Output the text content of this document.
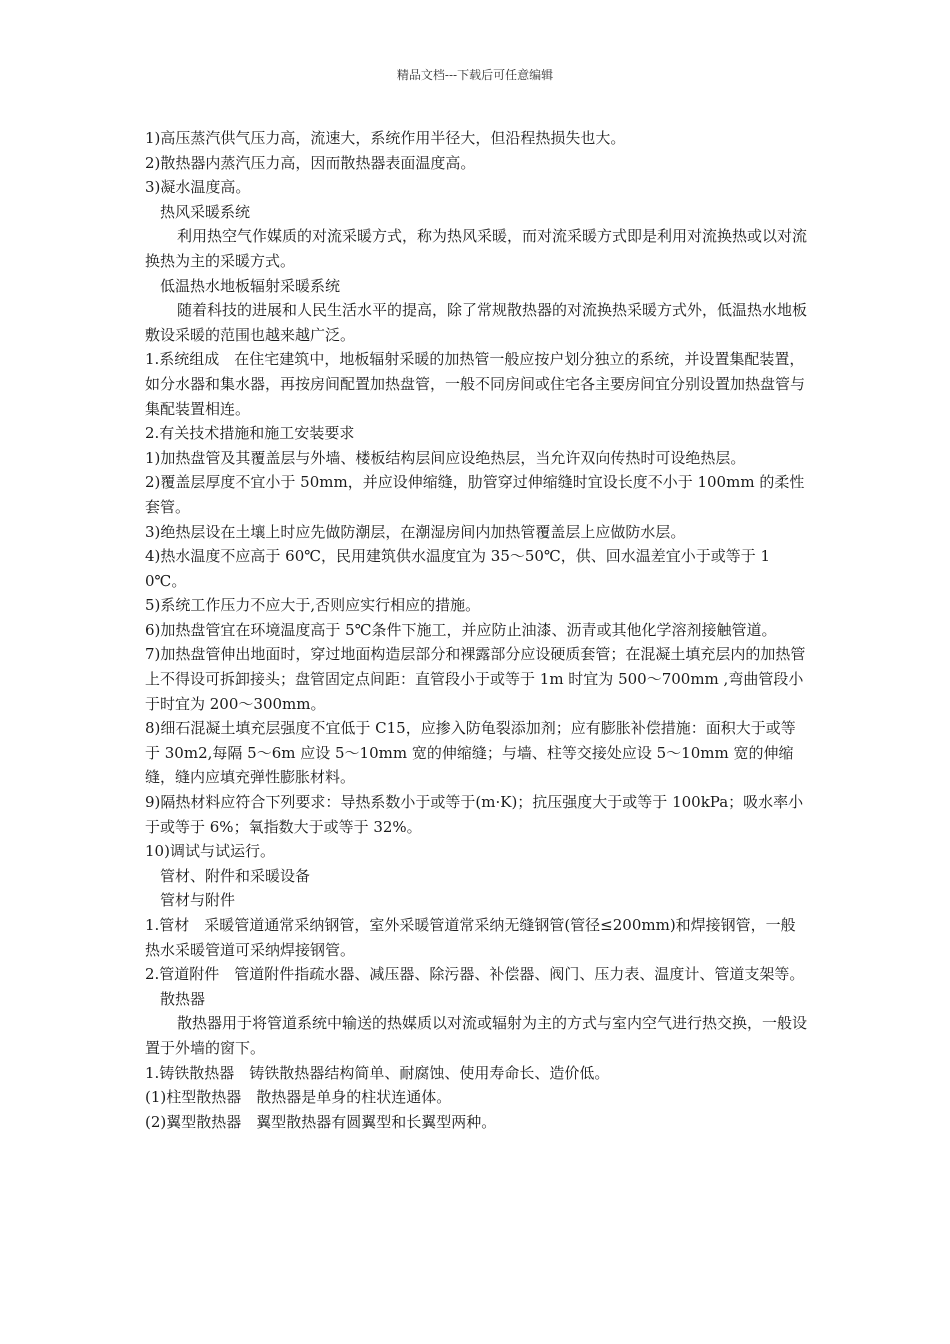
精品文档---下载后可任意编辑

1)高压蒸汽供气压力高，流速大，系统作用半径大，但沿程热损失也大。

2)散热器内蒸汽压力高，因而散热器表面温度高。

3)凝水温度高。

热风采暖系统

利用热空气作媒质的对流采暖方式，称为热风采暖，而对流采暖方式即是利用对流换热或以对流换热为主的采暖方式。

低温热水地板辐射采暖系统

随着科技的进展和人民生活水平的提高，除了常规散热器的对流换热采暖方式外，低温热水地板敷设采暖的范围也越来越广泛。

1.系统组成　在住宅建筑中，地板辐射采暖的加热管一般应按户划分独立的系统，并设置集配装置，如分水器和集水器，再按房间配置加热盘管，一般不同房间或住宅各主要房间宜分别设置加热盘管与集配装置相连。

2.有关技术措施和施工安装要求

1)加热盘管及其覆盖层与外墙、楼板结构层间应设绝热层，当允许双向传热时可设绝热层。

2)覆盖层厚度不宜小于 50mm，并应设伸缩缝，肋管穿过伸缩缝时宜设长度不小于 100mm 的柔性套管。

3)绝热层设在土壤上时应先做防潮层，在潮湿房间内加热管覆盖层上应做防水层。

4)热水温度不应高于 60℃，民用建筑供水温度宜为 35～50℃，供、回水温差宜小于或等于 10℃。

5)系统工作压力不应大于,否则应实行相应的措施。

6)加热盘管宜在环境温度高于 5℃条件下施工，并应防止油漆、沥青或其他化学溶剂接触管道。

7)加热盘管伸出地面时，穿过地面构造层部分和裸露部分应设硬质套管；在混凝土填充层内的加热管上不得设可拆卸接头；盘管固定点间距：直管段小于或等于 1m 时宜为 500～700mm ,弯曲管段小于时宜为 200～300mm。

8)细石混凝土填充层强度不宜低于 C15，应掺入防龟裂添加剂；应有膨胀补偿措施：面积大于或等于 30m2,每隔 5～6m 应设 5～10mm 宽的伸缩缝；与墙、柱等交接处应设 5～10mm 宽的伸缩缝，缝内应填充弹性膨胀材料。

9)隔热材料应符合下列要求：导热系数小于或等于(m·K)；抗压强度大于或等于 100kPa；吸水率小于或等于 6%；氧指数大于或等于 32%。

10)调试与试运行。

管材、附件和采暖设备

管材与附件

1.管材　采暖管道通常采纳钢管，室外采暖管道常采纳无缝钢管(管径≤200mm)和焊接钢管，一般热水采暖管道可采纳焊接钢管。

2.管道附件　管道附件指疏水器、减压器、除污器、补偿器、阀门、压力表、温度计、管道支架等。

散热器

散热器用于将管道系统中输送的热媒质以对流或辐射为主的方式与室内空气进行热交换，一般设置于外墙的窗下。

1.铸铁散热器　铸铁散热器结构简单、耐腐蚀、使用寿命长、造价低。

(1)柱型散热器　散热器是单身的柱状连通体。

(2)翼型散热器　翼型散热器有圆翼型和长翼型两种。
